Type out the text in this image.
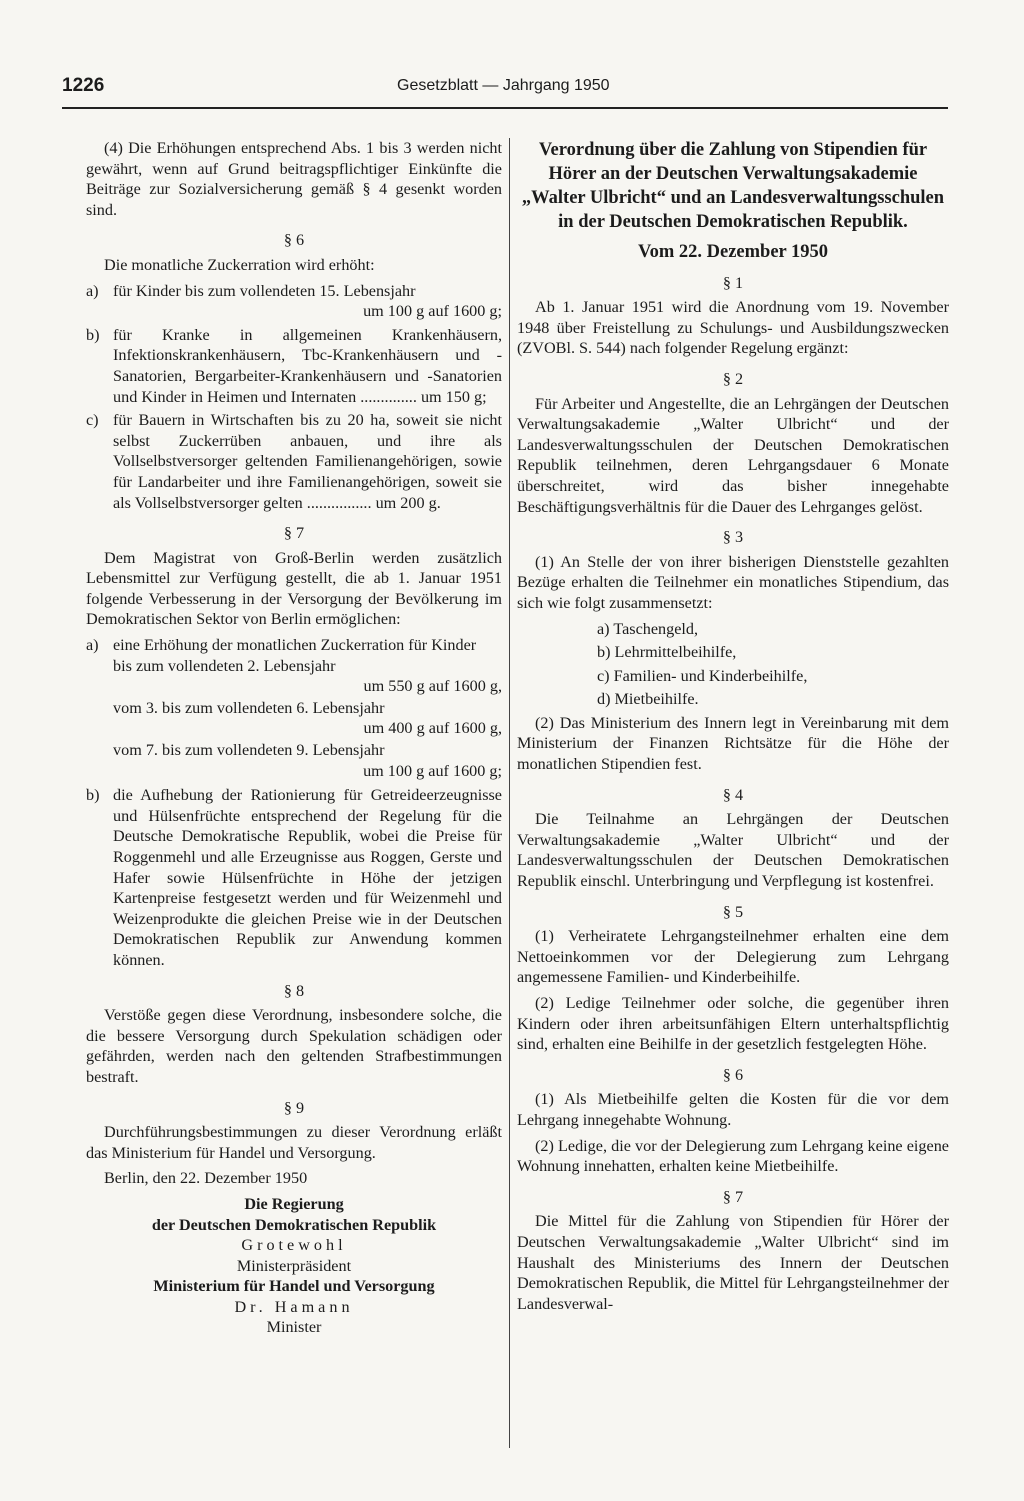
1226	Gesetzblatt — Jahrgang 1950

(4) Die Erhöhungen entsprechend Abs. 1 bis 3 werden nicht gewährt, wenn auf Grund beitragspflichtiger Einkünfte die Beiträge zur Sozialversicherung gemäß § 4 gesenkt worden sind.

§ 6

Die monatliche Zuckerration wird erhöht:

a) für Kinder bis zum vollendeten 15. Lebensjahr
um 100 g auf 1600 g;
b) für Kranke in allgemeinen Krankenhäusern, Infektionskrankenhäusern, Tbc-Krankenhäusern und -Sanatorien, Bergarbeiter-Krankenhäusern und -Sanatorien und Kinder in Heimen und Internaten .............. um 150 g;
c) für Bauern in Wirtschaften bis zu 20 ha, soweit sie nicht selbst Zuckerrüben anbauen, und ihre als Vollselbstversorger geltenden Familienangehörigen, sowie für Landarbeiter und ihre Familienangehörigen, soweit sie als Vollselbstversorger gelten ................ um 200 g.
§ 7

Dem Magistrat von Groß-Berlin werden zusätzlich Lebensmittel zur Verfügung gestellt, die ab 1. Januar 1951 folgende Verbesserung in der Versorgung der Bevölkerung im Demokratischen Sektor von Berlin ermöglichen:

a) eine Erhöhung der monatlichen Zuckerration für Kinder
bis zum vollendeten 2. Lebensjahr
um 550 g auf 1600 g,
vom 3. bis zum vollendeten 6. Lebensjahr
um 400 g auf 1600 g,
vom 7. bis zum vollendeten 9. Lebensjahr
um 100 g auf 1600 g;
b) die Aufhebung der Rationierung für Getreideerzeugnisse und Hülsenfrüchte entsprechend der Regelung für die Deutsche Demokratische Republik, wobei die Preise für Roggenmehl und alle Erzeugnisse aus Roggen, Gerste und Hafer sowie Hülsenfrüchte in Höhe der jetzigen Kartenpreise festgesetzt werden und für Weizenmehl und Weizenprodukte die gleichen Preise wie in der Deutschen Demokratischen Republik zur Anwendung kommen können.
§ 8

Verstöße gegen diese Verordnung, insbesondere solche, die die bessere Versorgung durch Spekulation schädigen oder gefährden, werden nach den geltenden Strafbestimmungen bestraft.

§ 9

Durchführungsbestimmungen zu dieser Verordnung erläßt das Ministerium für Handel und Versorgung.

Berlin, den 22. Dezember 1950

Die Regierung
der Deutschen Demokratischen Republik
Grotewohl
Ministerpräsident
Ministerium für Handel und Versorgung
Dr. Hamann
Minister
Verordnung über die Zahlung von Stipendien für Hörer an der Deutschen Verwaltungsakademie „Walter Ulbricht“ und an Landesverwaltungsschulen in der Deutschen Demokratischen Republik.
Vom 22. Dezember 1950
§ 1

Ab 1. Januar 1951 wird die Anordnung vom 19. November 1948 über Freistellung zu Schulungs- und Ausbildungszwecken (ZVOBl. S. 544) nach folgender Regelung ergänzt:

§ 2

Für Arbeiter und Angestellte, die an Lehrgängen der Deutschen Verwaltungsakademie „Walter Ulbricht“ und der Landesverwaltungsschulen der Deutschen Demokratischen Republik teilnehmen, deren Lehrgangsdauer 6 Monate überschreitet, wird das bisher innegehabte Beschäftigungsverhältnis für die Dauer des Lehrganges gelöst.

§ 3

(1) An Stelle der von ihrer bisherigen Dienststelle gezahlten Bezüge erhalten die Teilnehmer ein monatliches Stipendium, das sich wie folgt zusammensetzt:

a) Taschengeld,
b) Lehrmittelbeihilfe,
c) Familien- und Kinderbeihilfe,
d) Mietbeihilfe.

(2) Das Ministerium des Innern legt in Vereinbarung mit dem Ministerium der Finanzen Richtsätze für die Höhe der monatlichen Stipendien fest.

§ 4

Die Teilnahme an Lehrgängen der Deutschen Verwaltungsakademie „Walter Ulbricht“ und der Landesverwaltungsschulen der Deutschen Demokratischen Republik einschl. Unterbringung und Verpflegung ist kostenfrei.

§ 5

(1) Verheiratete Lehrgangsteilnehmer erhalten eine dem Nettoeinkommen vor der Delegierung zum Lehrgang angemessene Familien- und Kinderbeihilfe.

(2) Ledige Teilnehmer oder solche, die gegenüber ihren Kindern oder ihren arbeitsunfähigen Eltern unterhaltspflichtig sind, erhalten eine Beihilfe in der gesetzlich festgelegten Höhe.

§ 6

(1) Als Mietbeihilfe gelten die Kosten für die vor dem Lehrgang innegehabte Wohnung.

(2) Ledige, die vor der Delegierung zum Lehrgang keine eigene Wohnung innehatten, erhalten keine Mietbeihilfe.

§ 7

Die Mittel für die Zahlung von Stipendien für Hörer der Deutschen Verwaltungsakademie „Walter Ulbricht“ sind im Haushalt des Ministeriums des Innern der Deutschen Demokratischen Republik, die Mittel für Lehrgangsteilnehmer der Landesverwal-
